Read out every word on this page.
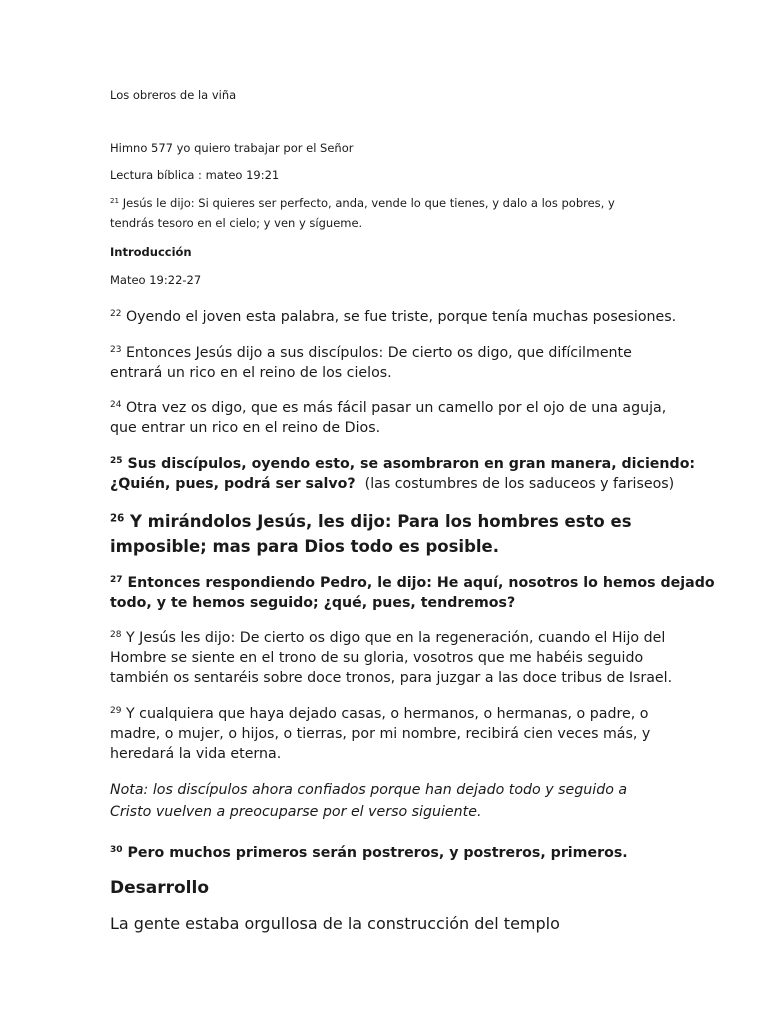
Los obreros de la viña
Himno 577 yo quiero trabajar por el Señor
Lectura bíblica : mateo 19:21
$^{21}$ Jesús le dijo: Si quieres ser perfecto, anda, vende lo que tienes, y dalo a los pobres, y
tendrás tesoro en el cielo; y ven y sígueme.
Introducción
Mateo 19:22-27
$^{22}$ Oyendo el joven esta palabra, se fue triste, porque tenía muchas posesiones.
$^{23}$ Entonces Jesús dijo a sus discípulos: De cierto os digo, que difícilmente
entrará un rico en el reino de los cielos.
$^{24}$ Otra vez os digo, que es más fácil pasar un camello por el ojo de una aguja,
que entrar un rico en el reino de Dios.
$^{25}$ Sus discípulos, oyendo esto, se asombraron en gran manera, diciendo:
¿Quién, pues, podrá ser salvo? (las costumbres de los saduceos y fariseos)
$^{26}$ Y mirándolos Jesús, les dijo: Para los hombres esto es
imposible; mas para Dios todo es posible.
$^{27}$ Entonces respondiendo Pedro, le dijo: He aquí, nosotros lo hemos dejado
todo, y te hemos seguido; ¿qué, pues, tendremos?
$^{28}$ Y Jesús les dijo: De cierto os digo que en la regeneración, cuando el Hijo del
Hombre se siente en el trono de su gloria, vosotros que me habéis seguido
también os sentaréis sobre doce tronos, para juzgar a las doce tribus de Israel.
$^{29}$ Y cualquiera que haya dejado casas, o hermanos, o hermanas, o padre, o
madre, o mujer, o hijos, o tierras, por mi nombre, recibirá cien veces más, y
heredará la vida eterna.
Nota: los discípulos ahora confiados porque han dejado todo y seguido a
Cristo vuelven a preocuparse por el verso siguiente.
$^{30}$ Pero muchos primeros serán postreros, y postreros, primeros.
Desarrollo
La gente estaba orgullosa de la construcción del templo
